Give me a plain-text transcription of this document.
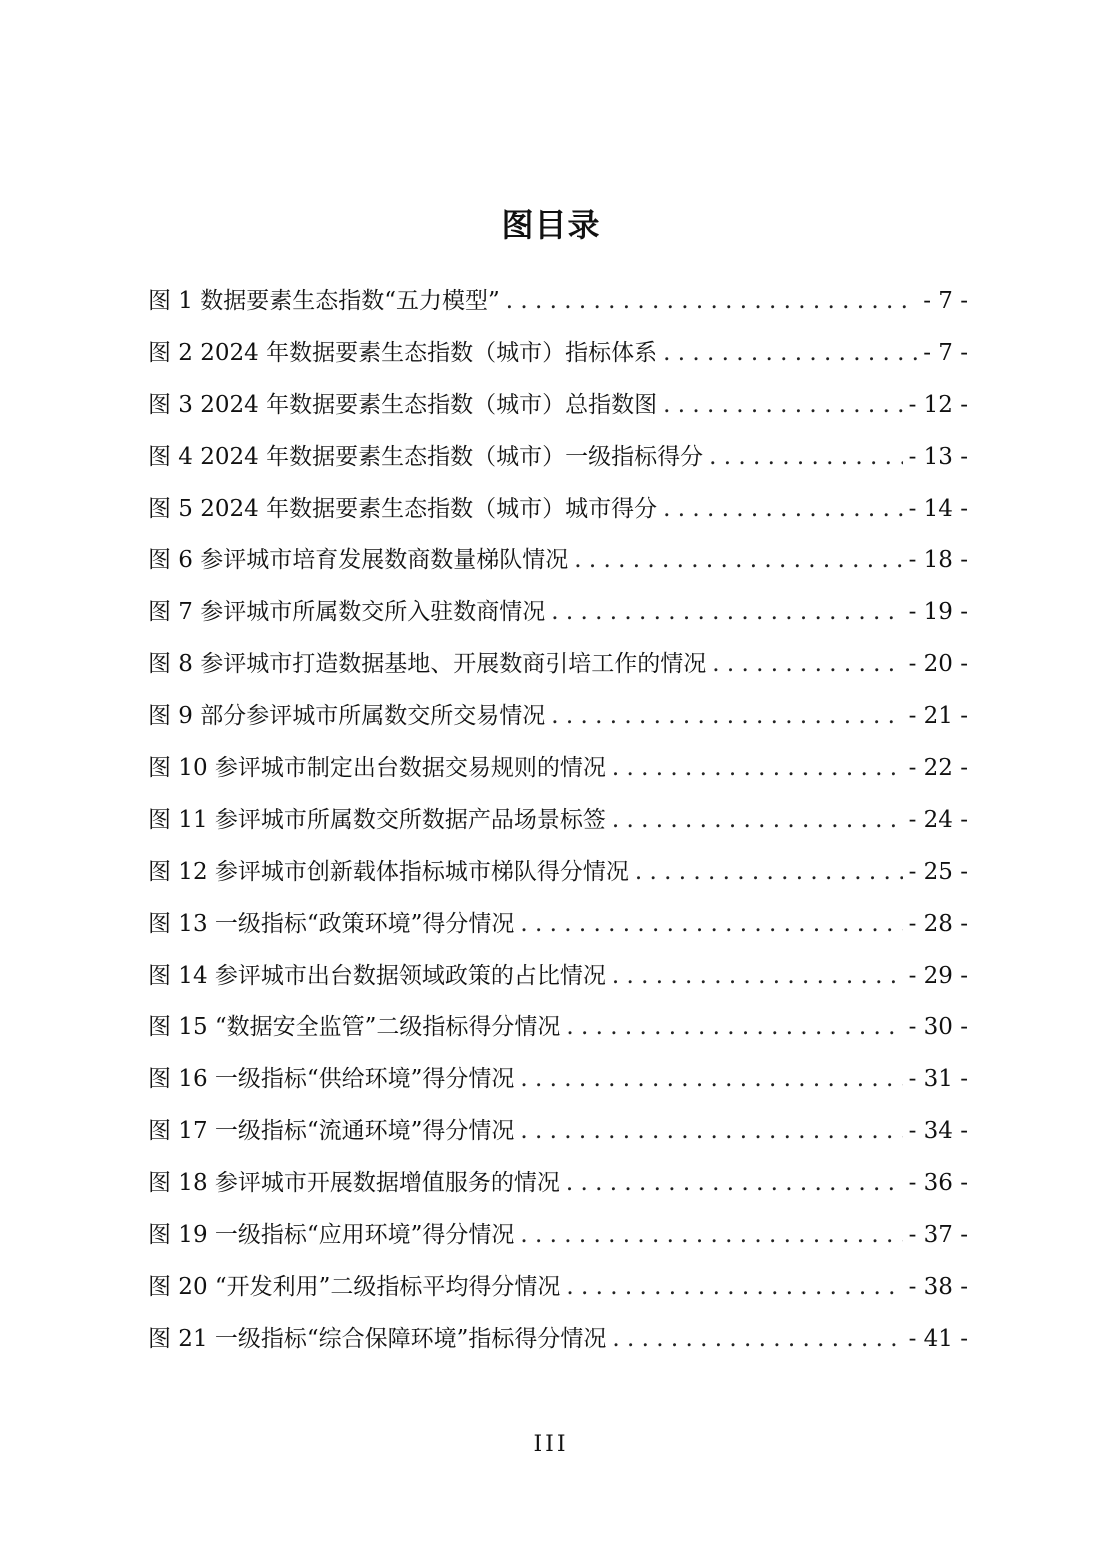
图目录
图 1 数据要素生态指数“五力模型” . . .	- 7 -
图 2 2024 年数据要素生态指数（城市）指标体系 . . .	- 7 -
图 3 2024 年数据要素生态指数（城市）总指数图 . . .	- 12 -
图 4 2024 年数据要素生态指数（城市）一级指标得分 . . .	- 13 -
图 5 2024 年数据要素生态指数（城市）城市得分 . . .	- 14 -
图 6 参评城市培育发展数商数量梯队情况 . . .	- 18 -
图 7 参评城市所属数交所入驻数商情况 . . .	- 19 -
图 8 参评城市打造数据基地、开展数商引培工作的情况 . . .	- 20 -
图 9 部分参评城市所属数交所交易情况 . . .	- 21 -
图 10 参评城市制定出台数据交易规则的情况 . . .	- 22 -
图 11 参评城市所属数交所数据产品场景标签 . . .	- 24 -
图 12 参评城市创新载体指标城市梯队得分情况 . . .	- 25 -
图 13 一级指标“政策环境”得分情况 . . .	- 28 -
图 14 参评城市出台数据领域政策的占比情况 . . .	- 29 -
图 15 “数据安全监管”二级指标得分情况 . . .	- 30 -
图 16 一级指标“供给环境”得分情况 . . .	- 31 -
图 17 一级指标“流通环境”得分情况 . . .	- 34 -
图 18 参评城市开展数据增值服务的情况 . . .	- 36 -
图 19 一级指标“应用环境”得分情况 . . .	- 37 -
图 20 “开发利用”二级指标平均得分情况 . . .	- 38 -
图 21 一级指标“综合保障环境”指标得分情况 . . .	- 41 -
III
